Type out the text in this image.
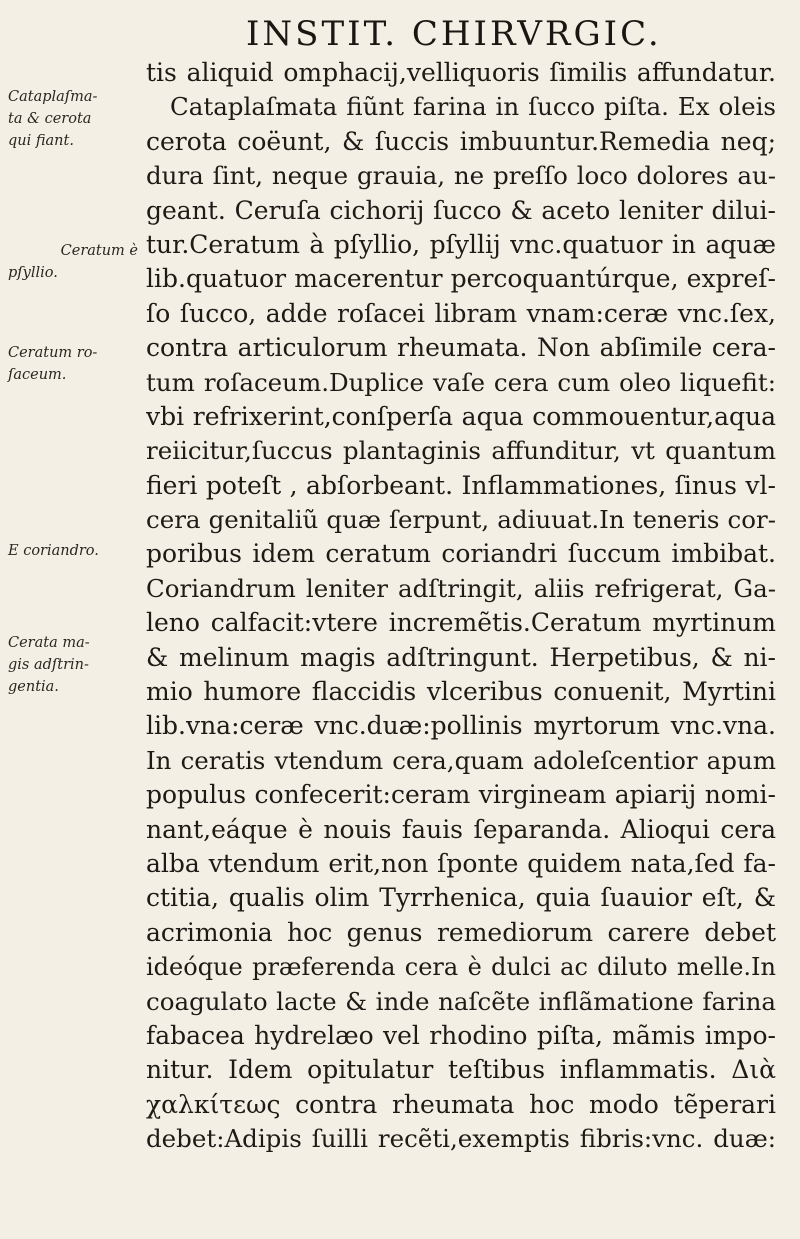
INSTIT. CHIRVRGIC.
Cataplaſma-
ta & cerota
qui fiant.
Ceratum è
pſyllio.
Ceratum ro-
ſaceum.
E coriandro.
Cerata ma-
gis adſtrin-
gentia.
tis aliquid omphacij,velliquoris ſimilis affundatur.
Cataplaſmata fiũnt farina in ſucco piſta. Ex oleis
cerota coëunt, & ſuccis imbuuntur.Remedia neq;
dura ſint, neque grauia, ne preſſo loco dolores au-
geant. Ceruſa cichorij ſucco & aceto leniter dilui-
tur.Ceratum à pſyllio, pſyllij vnc.quatuor in aquæ
lib.quatuor macerentur percoquantúrque, expreſ-
ſo ſucco, adde roſacei libram vnam:ceræ vnc.ſex,
contra articulorum rheumata. Non abſimile cera-
tum roſaceum.Duplice vaſe cera cum oleo liquefit:
vbi refrixerint,conſperſa aqua commouentur,aqua
reiicitur,ſuccus plantaginis affunditur, vt quantum
fieri poteſt , abſorbeant. Inflammationes, ſinus vl-
cera genitaliũ quæ ſerpunt, adiuuat.In teneris cor-
poribus idem ceratum coriandri ſuccum imbibat.
Coriandrum leniter adſtringit, aliis refrigerat, Ga-
leno calfacit:vtere incremẽtis.Ceratum myrtinum
& melinum magis adſtringunt. Herpetibus, & ni-
mio humore flaccidis vlceribus conuenit, Myrtini
lib.vna:ceræ vnc.duæ:pollinis myrtorum vnc.vna.
In ceratis vtendum cera,quam adoleſcentior apum
populus confecerit:ceram virgineam apiarij nomi-
nant,eáque è nouis fauis ſeparanda. Alioqui cera
alba vtendum erit,non ſponte quidem nata,ſed fa-
ctitia, qualis olim Tyrrhenica, quia ſuauior eſt, &
acrimonia hoc genus remediorum carere debet
ideóque præferenda cera è dulci ac diluto melle.In
coagulato lacte & inde naſcẽte inflãmatione farina
fabacea hydrelæo vel rhodino piſta, mãmis impo-
nitur. Idem opitulatur teſtibus inflammatis. Διὰ
χαλκίτεως contra rheumata hoc modo tẽperari
debet:Adipis ſuilli recẽti,exemptis fibris:vnc. duæ:
